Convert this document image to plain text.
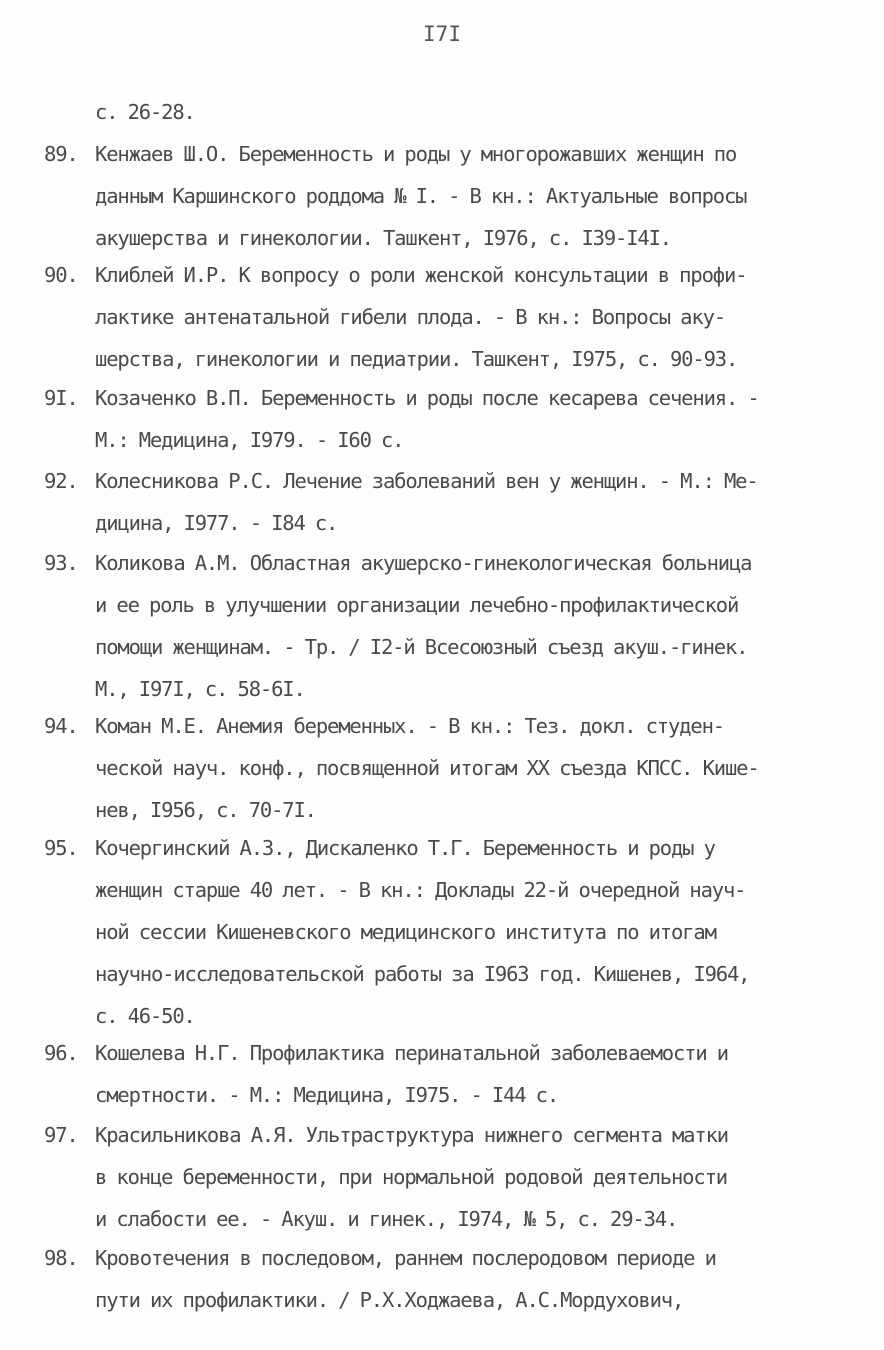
I7I
с. 26-28.
89. Кенжаев Ш.О. Беременность и роды у многорожавших женщин по
данным Каршинского роддома № I. - В кн.: Актуальные вопросы
акушерства и гинекологии. Ташкент, I976, с. I39-I4I.
90. Клиблей И.Р. К вопросу о роли женской консультации в профи-
лактике антенатальной гибели плода. - В кн.: Вопросы аку-
шерства, гинекологии и педиатрии. Ташкент, I975, с. 90-93.
9I. Козаченко В.П. Беременность и роды после кесарева сечения. -
М.: Медицина, I979. - I60 с.
92. Колесникова Р.С. Лечение заболеваний вен у женщин. - М.: Ме-
дицина, I977. - I84 с.
93. Коликова А.М. Областная акушерско-гинекологическая больница
и ее роль в улучшении организации лечебно-профилактической
помощи женщинам. - Тр. / I2-й Всесоюзный съезд акуш.-гинек.
М., I97I, с. 58-6I.
94. Коман М.Е. Анемия беременных. - В кн.: Тез. докл. студен-
ческой науч. конф., посвященной итогам XX съезда КПСС. Кише-
нев, I956, с. 70-7I.
95. Кочергинский А.З., Дискаленко Т.Г. Беременность и роды у
женщин старше 40 лет. - В кн.: Доклады 22-й очередной науч-
ной сессии Кишеневского медицинского института по итогам
научно-исследовательской работы за I963 год. Кишенев, I964,
с. 46-50.
96. Кошелева Н.Г. Профилактика перинатальной заболеваемости и
смертности. - М.: Медицина, I975. - I44 с.
97. Красильникова А.Я. Ультраструктура нижнего сегмента матки
в конце беременности, при нормальной родовой деятельности
и слабости ее. - Акуш. и гинек., I974, № 5, с. 29-34.
98. Кровотечения в последовом, раннем послеродовом периоде и
пути их профилактики. / Р.Х.Ходжаева, А.С.Мордухович,
